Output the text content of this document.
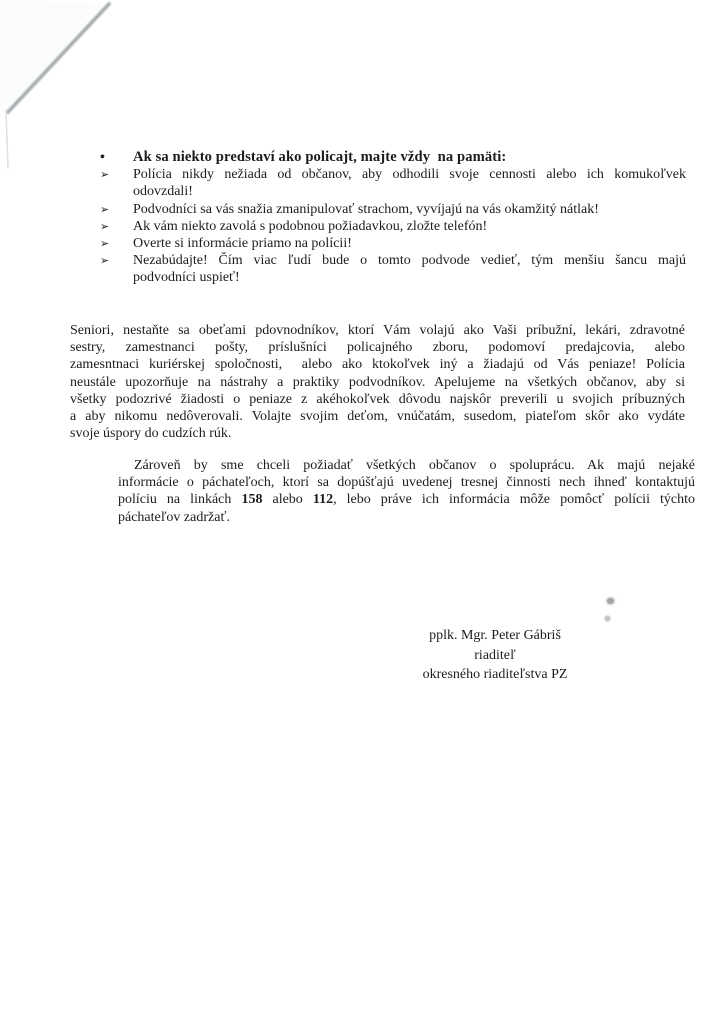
•	Ak sa niekto predstaví ako policajt, majte vždy  na pamäti:
➢	Polícia nikdy nežiada od občanov, aby odhodili svoje cennosti alebo ich komukoľvek
odovzdali!
➢	Podvodníci sa vás snažia zmanipulovať strachom, vyvíjajú na vás okamžitý nátlak!
➢	Ak vám niekto zavolá s podobnou požiadavkou, zložte telefón!
➢	Overte si informácie priamo na polícii!
➢	Nezabúdajte! Čím viac ľudí bude o tomto podvode vedieť, tým menšiu šancu majú
podvodníci uspieť!
Seniori, nestaňte sa obeťami pdovnodníkov, ktorí Vám volajú ako Vaši príbužní, lekári, zdravotné
sestry, zamestnanci pošty, príslušníci policajného zboru, podomoví predajcovia, alebo
zamesntnaci kuriérskej spoločnosti,  alebo ako ktokoľvek iný a žiadajú od Vás peniaze! Polícia
neustále upozorňuje na nástrahy a praktiky podvodníkov. Apelujeme na všetkých občanov, aby si
všetky podozrivé žiadosti o peniaze z akéhokoľvek dôvodu najskôr preverili u svojich príbuzných
a aby nikomu nedôverovali. Volajte svojim deťom, vnúčatám, susedom, piateľom skôr ako vydáte
svoje úspory do cudzích rúk.
Zároveň by sme chceli požiadať všetkých občanov o spoluprácu. Ak majú nejaké
informácie o páchateľoch, ktorí sa dopúšťajú uvedenej tresnej činnosti nech ihneď kontaktujú
políciu na linkách 158 alebo 112, lebo práve ich informácia môže pomôcť polícii týchto
páchateľov zadržať.
pplk. Mgr. Peter Gábriš
riaditeľ
okresného riaditeľstva PZ
